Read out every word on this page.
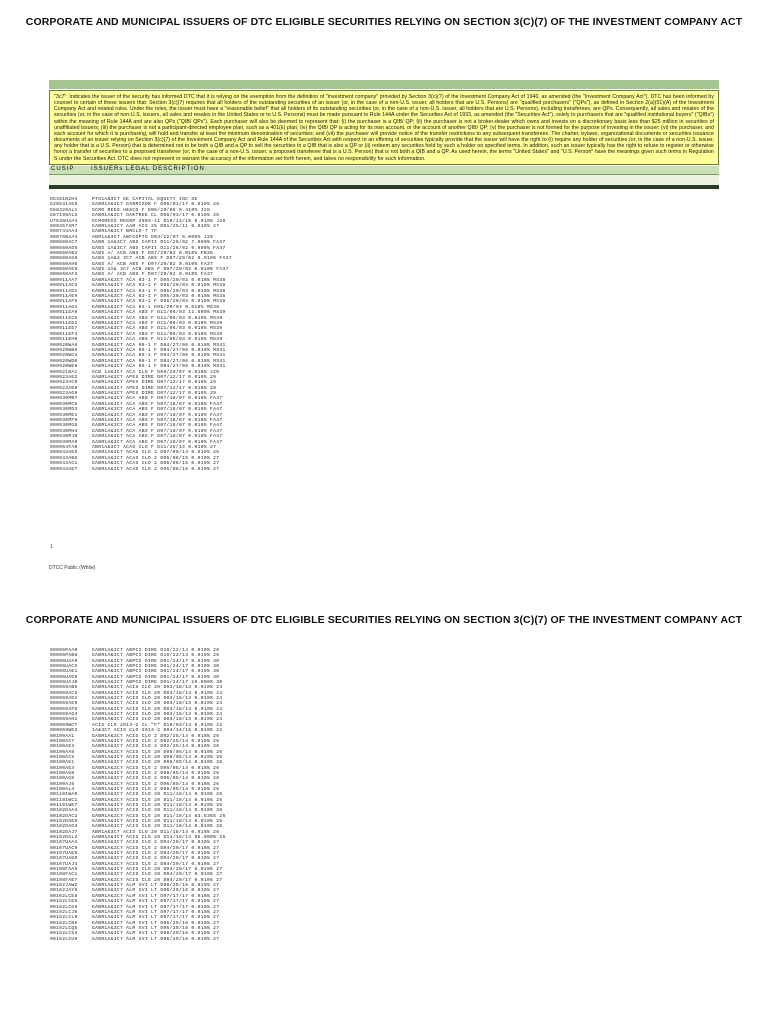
CORPORATE AND MUNICIPAL ISSUERS OF DTC ELIGIBLE SECURITIES RELYING ON SECTION 3(C)(7) OF THE INVESTMENT COMPANY ACT
"3c7": Indicates the issuer of the security has informed DTC that it is relying on the exemption from the definition of "investment company" provided by Section 3(c)(7) of the Investment Company Act of 1940, as amended (the "Investment Company Act"). DTC has been informed by counsel to certain of these issuers that: Section 3(c)(7) requires that all holders of the outstanding securities of an issuer (or, in the case of a non-U.S. issuer, all holders that are U.S. Persons) are "qualified purchasers" ("QPs"), as defined in Section 2(a)(51)(A) of the Investment Company Act and related rules. Under the rules, the issuer must have a "reasonable belief" that all holders of its outstanding securities (or, in the case of a non-U.S. issuer, all holders that are U.S. Persons), including transferees, are QPs. Consequently, all sales and resales of the securities (or, in the case of non-U.S. issuers, all sales and resales in the United States or to U.S. Persons) must be made pursuant to Rule 144A under the Securities Act of 1933, as amended (the "Securities Act"), solely to purchasers that are "qualified institutional buyers" ("QIBs") within the meaning of Rule 144A and are also QPs ("QIB/ QPs"). Each purchaser will also be deemed to represent that: (i) the purchaser is a QIB/ QP; (ii) the purchaser is not a broker-dealer which owns and invests on a discretionary basis less than $25 million in securities of unaffiliated issuers; (iii) the purchaser is not a participant-directed employee plan, such as a 401(k) plan; (iv) the QIB/ QP is acting for its own account, or the account of another QIB/ QP; (v) the purchaser is not formed for the purpose of investing in the issuer; (vi) the purchaser, and each account for which it is purchasing, will hold and transfer at least the minimum denomination of securities; and (vii) the purchaser will provide notice of the transfer restrictions to any subsequent transferees. The charter, bylaws, organizational documents or securities issuance documents of an issuer relying on Section 3(c)(7) of the Investment Company Act and Rule 144A of the Securities Act with respect to an offering of securities typically provide that the issuer will have the right to (i) require any holder of securities (or, in the case of a non-U.S. issuer, any holder that is a U.S. Person) that is determined not to be both a QIB and a QP to sell the securities to a QIB that is also a QP or (ii) redeem any securities held by such a holder on specified terms. In addition, such an issuer typically has the right to refuse to register or otherwise honor a transfer of securities to a proposed transferee (or, in the case of a non-U.S. issuer, a proposed transferee that is a U.S. Person) that is not both a QIB and a QP. As used herein, the terms "United States" and "U.S. Person" have the meanings given such terms in Regulation S under the Securities Act. DTC does not represent or warrant the accuracy of the information set forth herein, and takes no responsibility for such information.
CUSIP	ISSUERs LEGAL DESCRIPTION
D5461N2H4	PTO1A&3C7 GE CAPITAL EQUITY INC SE
G28531AE9	GABR1A&3C7 GARRISON F D05/01/17 0.010% 28
G58329AL1	GCMO REGS H&SCO F D05/20/06 0.410% J28
G67199AL3	GABR1A&3C7 OAKTREE CL D05/03/17 0.010% 26
U7535HAA4	GCMOREGS REGNP 2003-11 D10/13/10 0.010% J28
000357AM7	GABR1A&3C7 AAM ACS 25 D01/25/11 0.010% 27
000744AA4	GABR1A&3C7 BRCLO-7 7F
00076BAA4	ABR1A&3C7 ABFCOPTO D03/22/07 6.000% J29
000860AC7	GABR 1A&3C7 ABS CAPII D11/26/02 7.000% FA37
000860AD5	GABS 1A&3C7 ABS CAPII D11/26/02 0.000% FA37
000860AB2	GABS A/ ACB ABS F D07/29/02 0.010% FB36
000860AG9	GABS 1A&3 3C7 ACB ABS F D07/29/02 0.010% FA37
000860AH6	GABS A/ ACB ABS F D07/29/02 0.010% FA37
000860AE6	GABS 1A& 3C7 ACB ABS F D07/29/02 0.010% FA37
000860AF3	GABS A/ ACB ABS F D07/29/02 0.010% FA37
000911AA7	GABR1A&3C7 ACA 03-1 F D05/20/03 0.010% MS38
000911AC3	GABR1A&3C7 ACA 03-1 F D05/20/03 0.010% MS38
000911AD1	GABR1A&3C7 ACA 03-1 F D05/20/03 0.010% MS38
000911AE9	GABR1A&3C7 ACA 03-1 F D05/20/03 0.010% MS38
000911AF6	GABR1A&3C7 ACA 03-1 F D05/20/03 0.010% MS38
000911AG4	GABR1A&3C7 ACA 03-1 D05/20/03 0.010% MS38
000911EA9	GABR1A&3C7 ACA ABS F D11/06/03 11.500% MS39
000911EC5	GABR1A&3C7 ACA ABS F D11/06/03 0.010% MS39
000911ED3	GABR1A&3C7 ACA ABS F D11/06/03 0.010% MS39
000911EE7	GABR1A&3C7 ACA ABS F D11/06/03 0.010% MS39
000911EF4	GABR1A&3C7 ACA ABS F D11/06/03 0.010% MS39
000911EH0	GABR1A&3C7 ACA ABS F D11/06/03 0.010% MS39
000920WA8	GABR1A&3C7 ACA 06-1 F D04/27/06 0.010% MS41
000920WB6	GABR1A&3C7 ACA 06-1 F D04/27/06 0.010% MS41
000920WC4	GABR1A&3C7 ACA 06-1 F D04/27/06 0.010% MS41
000920WD0	GABR1A&3C7 ACA 06-1 F D04/27/06 0.010% MS41
000920WE8	GABR1A&3C7 ACA 06-1 F D04/27/06 0.010% MS41
000921BA1	GCB 1A&3C7 ACA CLO F D06/29/07 0.010% J20
000923AE2	GABR1A&3C7 APEX DIRE D07/12/17 0.010% 29
000923AC0	GABR1A&3C7 APEX DIRE D07/12/17 0.010% 29
000923AD8	GABR1A&3C7 APEX DIRE D07/12/17 0.010% 29
000923AG9	GABR1A&3C7 APEX DIRE D07/12/17 0.010% 29
000930MB7	GABR1A&3C7 ACA ABS F D07/18/07 0.010% FA47
000930MC5	GABR1A&3C7 ACA ABS F D07/18/07 0.010% FA47
000930MD3	GABR1A&3C7 ACA ABS F D07/18/07 0.010% FA47
000930ME1	GABR1A&3C7 ACA ABS F D07/18/07 0.010% FA47
000930MF8	GABR1A&3C7 ACA ABS F D07/18/07 0.010% FA47
000930MG6	GABR1A&3C7 ACA ABS F D07/18/07 0.010% FA47
000930MH4	GABR1A&3C7 ACA ABS F D07/18/07 0.010% FA47
000930MJ0	GABR1A&3C7 ACA ABS F D07/18/07 0.010% FA47
000930MA9	GABR1A&3C7 ACA ABS F D07/18/07 0.010% FA47
000964FA0	ABR1A&3C7 ACAS CLO F D11/25/14 0.010% 27
000943AE5	GABR1A&3C7 ACAS CLO 2 D07/09/14 0.010% 26
000943AB5	GABR1A&3C7 ACAS CLO 2 D05/06/15 0.010% 27
000943AC1	GABR1A&3C7 ACAS CLO 2 D05/06/15 0.010% 27
000943AE7	GABR1A&3C7 ACAS CLO 2 D05/06/15 0.010% 27
1
DTCC Public (White)
CORPORATE AND MUNICIPAL ISSUERS OF DTC ELIGIBLE SECURITIES RELYING ON SECTION 3(C)(7) OF THE INVESTMENT COMPANY ACT
00095PAA0	GABR1A&3C7 ABPCI DIRE D10/22/14 0.010% 26
00095PAB8	GABR1A&3C7 ABPCI DIRE D10/22/14 0.010% 26
00095UAA9	GABR1A&3C7 ABPCI DIRE D01/24/17 0.010% 30
00095UAC5	GABR1A&3C7 ABPCI DIRE D01/24/17 0.010% 30
00095UAE1	GABR1A&3C7 ABPCI DIRE D01/24/17 0.010% 30
00095UAG6	GABR1A&3C7 ABPCI DIRE D01/24/17 0.010% 30
00095UAJ0	GABR1A&3C7 ABPCI DIRE D01/24/17 10.800% 30
000969AB5	GABR1A&3C7 ACIS CLO 20 D03/18/13 0.010% 24
000969AC3	GABR1A&3C7 ACIS CLO 20 D03/18/13 0.010% 24
000969AD1	GABR1A&3C7 ACIS CLO 20 D03/18/13 0.010% 24
000969AE9	GABR1A&3C7 ACIS CLO 20 D03/18/13 0.010% 24
000969AF6	GABR1A&3C7 ACIS CLO 20 D03/18/13 0.010% 24
000969AG4	GABR1A&3C7 ACIS CLO 20 D03/18/13 0.010% 24
000969AH2	GABR1A&3C7 ACIS CLO 20 D03/18/13 0.010% 24
000969WC7	ACIS CLO 2013-2 CL "F" D10/03/13 0.010% 22
000969WE3	1A&3C7 ACIS CLO 2013-2 D04/14/15 0.010% 22
00100AA1	GABR1A&3C7 ACIS CLO 2 D02/25/14 0.010% 26
00100AC7	GABR1A&3C7 ACIS CLO 2 D02/25/14 0.010% 26
00100AE3	GABR1A&3C7 ACIS CLO 2 D02/25/14 0.010% 26
00100AA8	GABR1A&3C7 ACIS CLO 20 D06/05/14 0.010% 26
00100AC5	GABR1A&3C7 ACIS CLO 20 D06/05/14 0.010% 26
00100AE1	GABR1A&3C7 ACIS CLO 20 D06/05/14 0.010% 26
00100AG4	GABR1A&3C7 ACIS CLO 2 D06/05/14 0.010% 26
00100AG0	GABR1A&3C7 ACIS CLO 2 D06/05/14 0.010% 26
00100AG5	GABR1A&3C7 ACIS CLO 2 D06/05/14 0.010% 26
00100AJ5	GABR1A&3C7 ACIS CLO 2 D06/05/14 0.010% 26
00100AL4	GABR1A&3C7 ACIS CLO 2 D06/05/14 0.010% 26
001101WA0	GABR1A&3C7 ACIS CLO 20 D11/18/14 0.010% 26
001101WC1	GABR1A&3C7 ACIS CLO 20 D11/18/14 0.010% 26
001101WE7	GABR1A&3C7 ACIS CLO 20 D11/18/14 0.010% 26
00102DAA4	GABR1A&3C7 ACIS CLO 20 D11/18/14 0.010% 26
00102DAC2	GABR1A&3C7 ACIS CLO 20 D11/18/14 83.536% 26
00102DAE8	GABR1A&3C7 ACIS CLO 20 D11/18/14 0.010% 26
00102DAG3	GABR1A&3C7 ACIS CLO 20 D11/18/14 0.010% 26
00102DAJ7	ABR1A&3C7 ACIS CLO 20 D11/18/14 0.010% 26
00102DAL2	GABR1A&3C7 ACIS CLO 20 D11/18/14 95.000% 26
00107UAA3	GABR1A&3C7 ACIS CLO 2 D04/20/17 0.010% 27
00107UAC9	GABR1A&3C7 ACIS CLO 2 D04/20/17 0.010% 27
00107UAE5	GABR1A&3C7 ACIS CLO 2 D04/20/17 0.010% 27
00107UAG0	GABR1A&3C7 ACIS CLO 2 D04/20/17 0.010% 27
00107UAJ4	GABR1A&3C7 ACIS CLO 2 D04/20/17 0.010% 27
00108FAA5	GABR1A&3C7 ACIS CLO 20 D04/20/17 0.010% 27
00108FAC1	GABR1A&3C7 ACIS CLO 20 D04/20/17 0.010% 27
00108FAE7	GABR1A&3C7 ACIS CLO 20 D04/20/17 0.010% 27
00162JAW2	GABR1A&3C7 ALM XVI LT D06/29/16 0.010% 27
00162JAY8	GABR1A&3C7 ALM XVI LT D06/29/16 0.010% 27
00162LCE8	GABR1A&3C7 ALM XVI LT D07/17/17 0.010% 27
00162LCE5	GABR1A&3C7 ALM XVI LT D07/17/17 0.010% 27
00162LCG6	GABR1A&3C7 ALM XVI LT D07/17/17 0.010% 27
00162LCJ6	GABR1A&3C7 ALM XVI LT D07/17/17 0.010% 27
00162LCL9	GABR1A&3C7 ALM XVI LT D07/17/17 0.010% 27
00162LCN5	GABR1A&3C7 ALM XVI LT D06/29/16 0.010% 27
00162LCQ8	GABR1A&3C7 ALM XVI LT D06/29/16 0.010% 27
00162LCS4	GABR1A&3C7 ALM XVI LT D06/29/16 0.010% 27
00162LCU9	GABR1A&3C7 ALM XVI LT D06/29/16 0.010% 27
